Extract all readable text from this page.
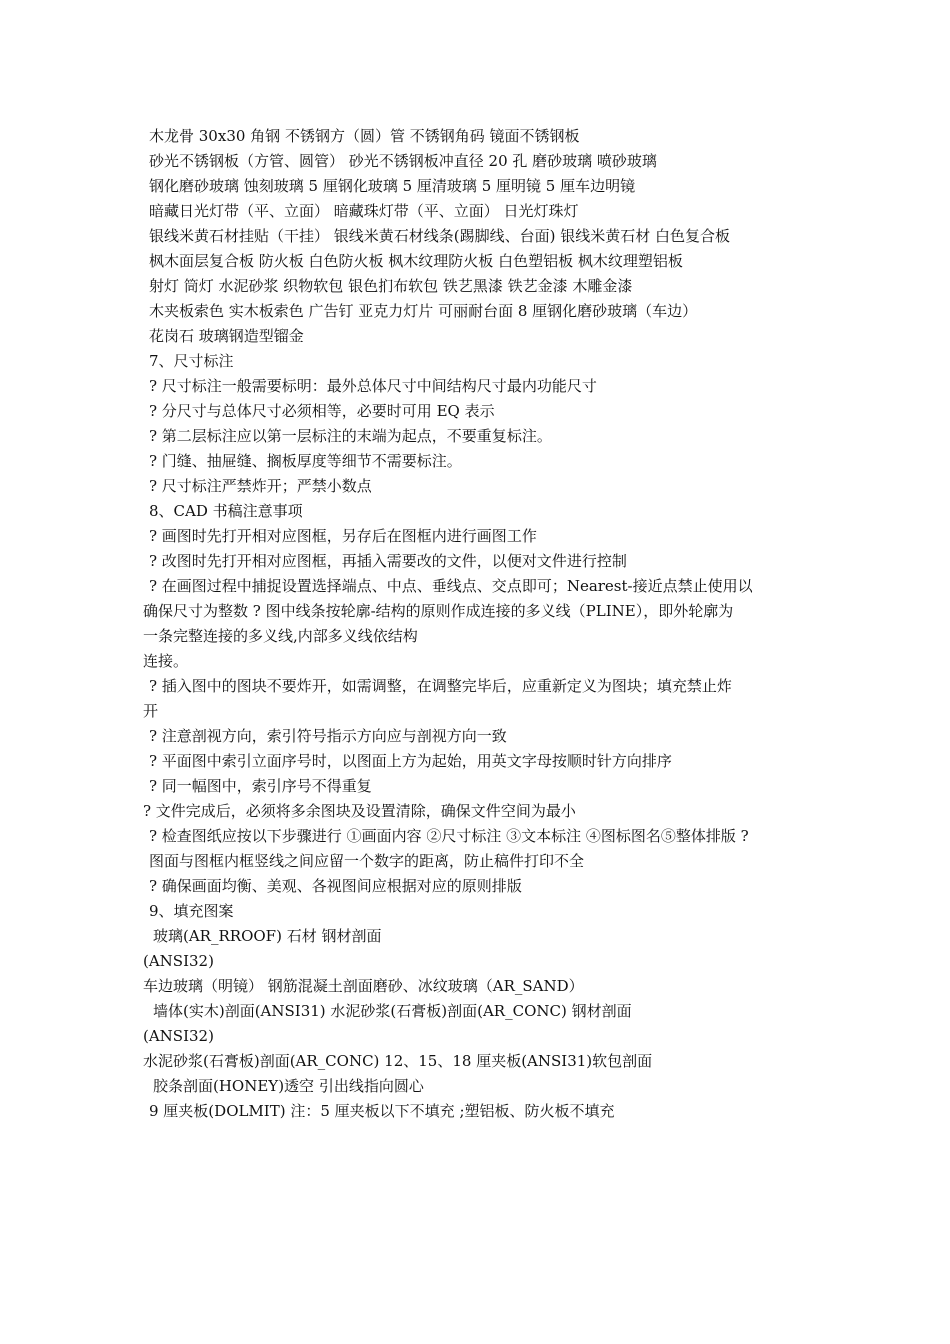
木龙骨 30x30 角钢 不锈钢方（圆）管 不锈钢角码 镜面不锈钢板
砂光不锈钢板（方管、圆管） 砂光不锈钢板冲直径 20 孔 磨砂玻璃 喷砂玻璃
钢化磨砂玻璃 蚀刻玻璃 5 厘钢化玻璃 5 厘清玻璃 5 厘明镜 5 厘车边明镜
暗藏日光灯带（平、立面） 暗藏珠灯带（平、立面） 日光灯珠灯
银线米黄石材挂贴（干挂） 银线米黄石材线条(踢脚线、台面) 银线米黄石材 白色复合板
枫木面层复合板 防火板 白色防火板 枫木纹理防火板 白色塑铝板 枫木纹理塑铝板
射灯 筒灯 水泥砂浆 织物软包 银色扪布软包 铁艺黑漆 铁艺金漆 木雕金漆
木夹板索色 实木板索色 广告钉 亚克力灯片 可丽耐台面 8 厘钢化磨砂玻璃（车边）
花岗石 玻璃钢造型镏金
7、尺寸标注
? 尺寸标注一般需要标明：最外总体尺寸中间结构尺寸最内功能尺寸
? 分尺寸与总体尺寸必须相等，必要时可用 EQ 表示
? 第二层标注应以第一层标注的末端为起点，不要重复标注。
? 门缝、抽屉缝、搁板厚度等细节不需要标注。
? 尺寸标注严禁炸开；严禁小数点
8、CAD 书稿注意事项
? 画图时先打开相对应图框，另存后在图框内进行画图工作
? 改图时先打开相对应图框，再插入需要改的文件，以便对文件进行控制
? 在画图过程中捕捉设置选择端点、中点、垂线点、交点即可；Nearest-接近点禁止使用以
确保尺寸为整数 ? 图中线条按轮廓-结构的原则作成连接的多义线（PLINE），即外轮廓为
一条完整连接的多义线,内部多义线依结构
连接。
? 插入图中的图块不要炸开，如需调整，在调整完毕后，应重新定义为图块；填充禁止炸
开
? 注意剖视方向，索引符号指示方向应与剖视方向一致
? 平面图中索引立面序号时，以图面上方为起始，用英文字母按顺时针方向排序
? 同一幅图中，索引序号不得重复
? 文件完成后，必须将多余图块及设置清除，确保文件空间为最小
? 检查图纸应按以下步骤进行 ①画面内容 ②尺寸标注 ③文本标注 ④图标图名⑤整体排版 ?
图面与图框内框竖线之间应留一个数字的距离，防止稿件打印不全
? 确保画面均衡、美观、各视图间应根据对应的原则排版
9、填充图案
玻璃(AR_RROOF) 石材 钢材剖面
(ANSI32)
车边玻璃（明镜） 钢筋混凝土剖面磨砂、冰纹玻璃（AR_SAND）
墙体(实木)剖面(ANSI31) 水泥砂浆(石膏板)剖面(AR_CONC) 钢材剖面
(ANSI32)
水泥砂浆(石膏板)剖面(AR_CONC) 12、15、18 厘夹板(ANSI31)软包剖面
胶条剖面(HONEY)透空 引出线指向圆心
9 厘夹板(DOLMIT) 注：5 厘夹板以下不填充 ;塑铝板、防火板不填充
